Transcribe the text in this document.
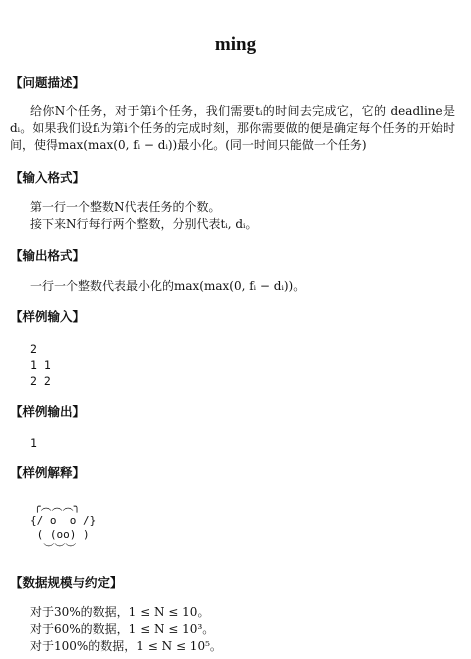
ming
【问题描述】
给你N个任务，对于第i个任务，我们需要tᵢ的时间去完成它，它的 deadline是dᵢ。如果我们设fᵢ为第i个任务的完成时刻，那你需要做的便是确定每个任务的开始时间，使得max(max(0, fᵢ − dᵢ))最小化。(同一时间只能做一个任务)
【输入格式】
第一行一个整数N代表任务的个数。
接下来N行每行两个整数，分别代表tᵢ, dᵢ。
【输出格式】
一行一个整数代表最小化的max(max(0, fᵢ − dᵢ))。
【样例输入】
2
1 1
2 2
【样例输出】
1
【样例解释】
╭︵︵︵╮
{/ o  o /}
( (oo) )
︶︶︶
【数据规模与约定】
对于30%的数据，1 ≤ N ≤ 10。
对于60%的数据，1 ≤ N ≤ 10³。
对于100%的数据，1 ≤ N ≤ 10⁵。
